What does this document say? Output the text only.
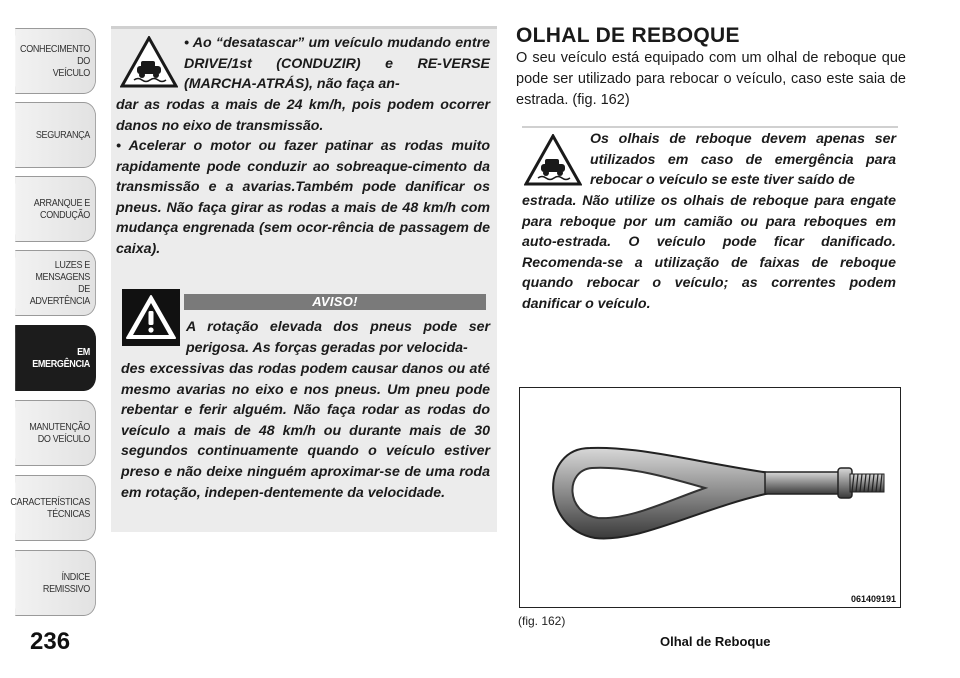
CONHECIMENTO
DO
VEÍCULO
SEGURANÇA
ARRANQUE E
CONDUÇÃO
LUZES E
MENSAGENS
DE
ADVERTÊNCIA
EM
EMERGÊNCIA
MANUTENÇÃO
DO VEÍCULO
CARACTERÍSTICAS
TÉCNICAS
ÍNDICE
REMISSIVO
236

• Ao “desatascar” um veículo mudando entre DRIVE/1st (CONDUZIR) e RE-VERSE (MARCHA-ATRÁS), não faça an-

dar as rodas a mais de 24 km/h, pois podem ocorrer danos no eixo de transmissão.

• Acelerar o motor ou fazer patinar as rodas muito rapidamente pode conduzir ao sobreaque-cimento da transmissão e a avarias.Também pode danificar os pneus. Não faça girar as rodas a mais de 48 km/h com mudança engrenada (sem ocor-rência de passagem de caixa).

AVISO!

A rotação elevada dos pneus pode ser perigosa. As forças geradas por velocida-

des excessivas das rodas podem causar danos ou até mesmo avarias no eixo e nos pneus. Um pneu pode rebentar e ferir alguém. Não faça rodar as rodas do veículo a mais de 48 km/h ou durante mais de 30 segundos continuamente quando o veículo estiver preso e não deixe ninguém aproximar-se de uma roda em rotação, indepen-dentemente da velocidade.

OLHAL DE REBOQUE

O seu veículo está equipado com um olhal de reboque que pode ser utilizado para rebocar o veículo, caso este saia de estrada. (fig. 162)

Os olhais de reboque devem apenas ser utilizados em caso de emergência para rebocar o veículo se este tiver saído de

estrada. Não utilize os olhais de reboque para engate para reboque por um camião ou para reboques em auto-estrada. O veículo pode ficar danificado. Recomenda-se a utilização de faixas de reboque quando rebocar o veículo; as correntes podem danificar o veículo.

061409191
(fig. 162)
Olhal de Reboque
